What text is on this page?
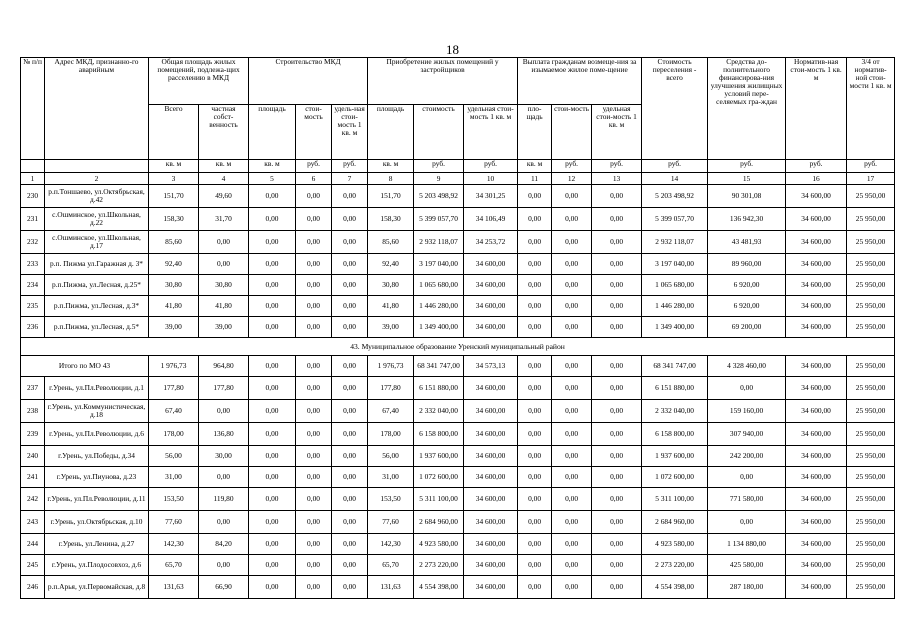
18
№ п/п	Адрес МКД, признанно-го аварийным	Общая площадь жилых помещений, подлежа-щих расселению в МКД		Строительство МКД			Приобретение жилых помещений у застройщиков			Выплата гражданам возмеще-ния за изымаемое жилое поме-щение			Стоимость переселения - всего	Средства до-полнительного финансирова-ния улучшения жилищных условий пере-селяемых гра-ждан	Норматив-ная стои-мость 1 кв. м	3/4 от норматив-ной стои-мости 1 кв. м
		Всего	частная собст-венность	площадь	стои-мость	удель-ная стои-мость 1 кв. м	площадь	стоимость	удельная стои-мость 1 кв. м	пло-щадь	стои-мость	удельная стои-мость 1 кв. м				
		кв. м	кв. м	кв. м	руб.	руб.	кв. м	руб.	руб.	кв. м	руб.	руб.	руб.	руб.	руб.	руб.
1	2	3	4	5	6	7	8	9	10	11	12	13	14	15	16	17
230	р.п.Тоншаево, ул.Октябрьская, д.42	151,70	49,60	0,00	0,00	0,00	151,70	5 203 498,92	34 301,25	0,00	0,00	0,00	5 203 498,92	90 301,08	34 600,00	25 950,00
231	с.Ошминское, ул.Школьная, д.22	158,30	31,70	0,00	0,00	0,00	158,30	5 399 057,70	34 106,49	0,00	0,00	0,00	5 399 057,70	136 942,30	34 600,00	25 950,00
232	с.Ошминское, ул.Школьная, д.17	85,60	0,00	0,00	0,00	0,00	85,60	2 932 118,07	34 253,72	0,00	0,00	0,00	2 932 118,07	43 481,93	34 600,00	25 950,00
233	р.п. Пижма ул.Гаражная д. 3*	92,40	0,00	0,00	0,00	0,00	92,40	3 197 040,00	34 600,00	0,00	0,00	0,00	3 197 040,00	89 960,00	34 600,00	25 950,00
234	р.п.Пижма, ул.Лесная, д.25*	30,80	30,80	0,00	0,00	0,00	30,80	1 065 680,00	34 600,00	0,00	0,00	0,00	1 065 680,00	6 920,00	34 600,00	25 950,00
235	р.п.Пижма, ул.Лесная, д.3*	41,80	41,80	0,00	0,00	0,00	41,80	1 446 280,00	34 600,00	0,00	0,00	0,00	1 446 280,00	6 920,00	34 600,00	25 950,00
236	р.п.Пижма, ул.Лесная, д.5*	39,00	39,00	0,00	0,00	0,00	39,00	1 349 400,00	34 600,00	0,00	0,00	0,00	1 349 400,00	69 200,00	34 600,00	25 950,00
43. Муниципальное образование Уренский муниципальный район																
Итого по МО 43		1 976,73	964,80	0,00	0,00	0,00	1 976,73	68 341 747,00	34 573,13	0,00	0,00	0,00	68 341 747,00	4 328 460,00	34 600,00	25 950,00
237	г.Урень, ул.Пл.Революции, д.1	177,80	177,80	0,00	0,00	0,00	177,80	6 151 880,00	34 600,00	0,00	0,00	0,00	6 151 880,00	0,00	34 600,00	25 950,00
238	г.Урень, ул.Коммунистическая, д.18	67,40	0,00	0,00	0,00	0,00	67,40	2 332 040,00	34 600,00	0,00	0,00	0,00	2 332 040,00	159 160,00	34 600,00	25 950,00
239	г.Урень, ул.Пл.Революции, д.6	178,00	136,80	0,00	0,00	0,00	178,00	6 158 800,00	34 600,00	0,00	0,00	0,00	6 158 800,00	307 940,00	34 600,00	25 950,00
240	г.Урень, ул.Победы, д.34	56,00	30,00	0,00	0,00	0,00	56,00	1 937 600,00	34 600,00	0,00	0,00	0,00	1 937 600,00	242 200,00	34 600,00	25 950,00
241	г.Урень, ул.Пиунова, д.23	31,00	0,00	0,00	0,00	0,00	31,00	1 072 600,00	34 600,00	0,00	0,00	0,00	1 072 600,00	0,00	34 600,00	25 950,00
242	г.Урень, ул.Пл.Революции, д.11	153,50	119,80	0,00	0,00	0,00	153,50	5 311 100,00	34 600,00	0,00	0,00	0,00	5 311 100,00	771 580,00	34 600,00	25 950,00
243	г.Урень, ул.Октябрьская, д.10	77,60	0,00	0,00	0,00	0,00	77,60	2 684 960,00	34 600,00	0,00	0,00	0,00	2 684 960,00	0,00	34 600,00	25 950,00
244	г.Урень, ул.Ленина, д.27	142,30	84,20	0,00	0,00	0,00	142,30	4 923 580,00	34 600,00	0,00	0,00	0,00	4 923 580,00	1 134 880,00	34 600,00	25 950,00
245	г.Урень, ул.Плодосовхоз, д.6	65,70	0,00	0,00	0,00	0,00	65,70	2 273 220,00	34 600,00	0,00	0,00	0,00	2 273 220,00	425 580,00	34 600,00	25 950,00
246	р.п.Арья, ул.Первомайская, д.8	131,63	66,90	0,00	0,00	0,00	131,63	4 554 398,00	34 600,00	0,00	0,00	0,00	4 554 398,00	287 180,00	34 600,00	25 950,00
